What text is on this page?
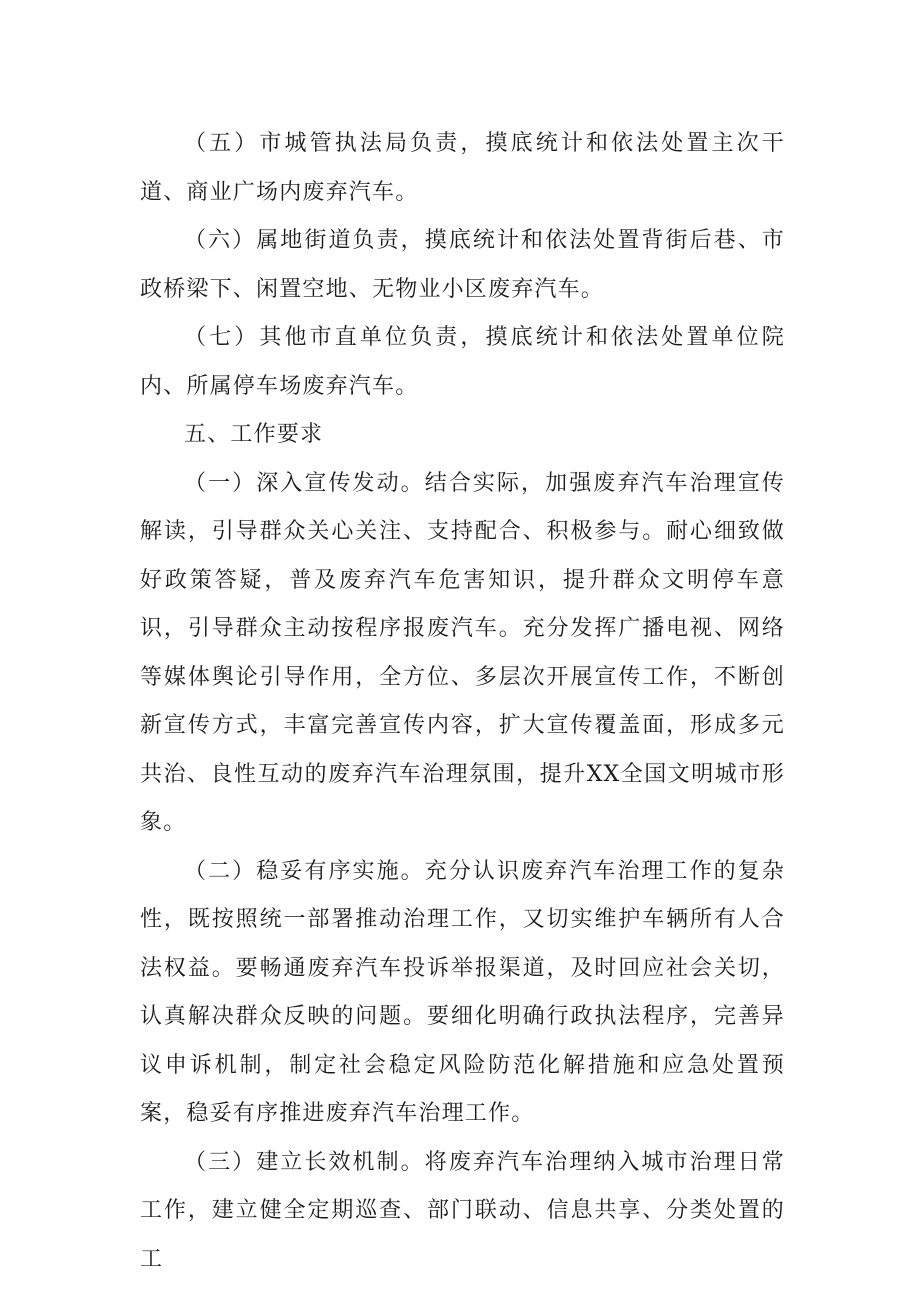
（五）市城管执法局负责，摸底统计和依法处置主次干道、商业广场内废弃汽车。

（六）属地街道负责，摸底统计和依法处置背街后巷、市政桥梁下、闲置空地、无物业小区废弃汽车。

（七）其他市直单位负责，摸底统计和依法处置单位院内、所属停车场废弃汽车。

五、工作要求

（一）深入宣传发动。结合实际，加强废弃汽车治理宣传解读，引导群众关心关注、支持配合、积极参与。耐心细致做好政策答疑，普及废弃汽车危害知识，提升群众文明停车意识，引导群众主动按程序报废汽车。充分发挥广播电视、网络等媒体舆论引导作用，全方位、多层次开展宣传工作，不断创新宣传方式，丰富完善宣传内容，扩大宣传覆盖面，形成多元共治、良性互动的废弃汽车治理氛围，提升XX全国文明城市形象。

（二）稳妥有序实施。充分认识废弃汽车治理工作的复杂性，既按照统一部署推动治理工作，又切实维护车辆所有人合法权益。要畅通废弃汽车投诉举报渠道，及时回应社会关切，认真解决群众反映的问题。要细化明确行政执法程序，完善异议申诉机制，制定社会稳定风险防范化解措施和应急处置预案，稳妥有序推进废弃汽车治理工作。

（三）建立长效机制。将废弃汽车治理纳入城市治理日常工作，建立健全定期巡查、部门联动、信息共享、分类处置的工
